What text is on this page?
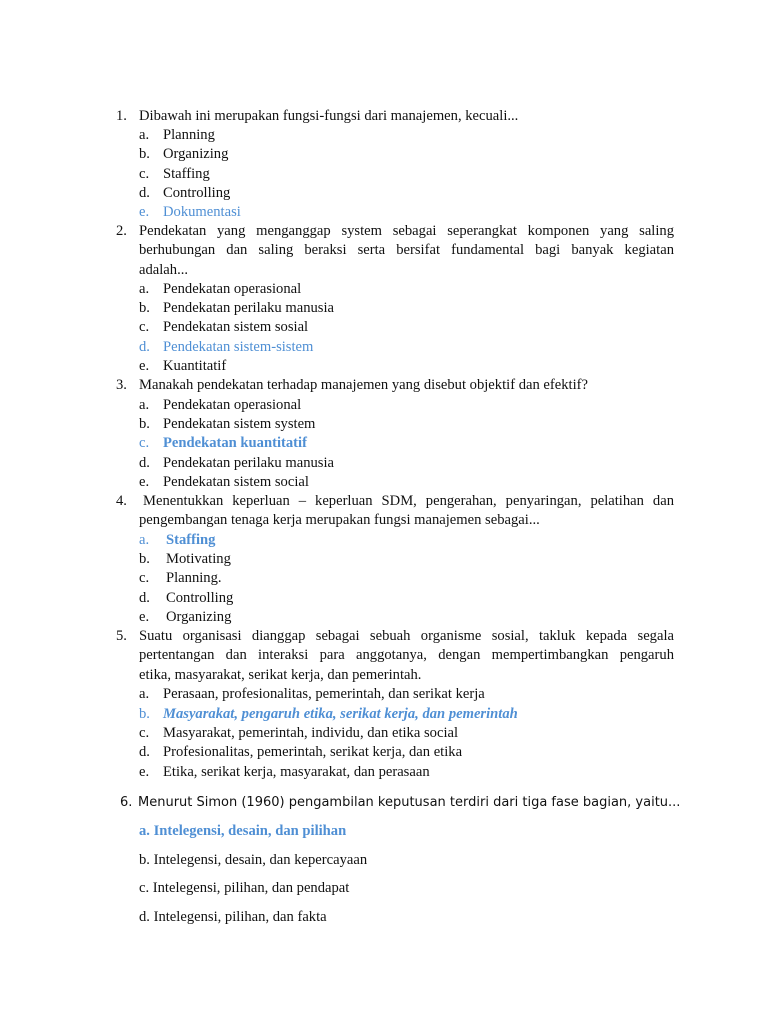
1. Dibawah ini merupakan fungsi-fungsi dari manajemen, kecuali...
a. Planning
b. Organizing
c. Staffing
d. Controlling
e. Dokumentasi
2. Pendekatan yang menganggap system sebagai seperangkat komponen yang saling
berhubungan dan saling beraksi serta bersifat fundamental bagi banyak kegiatan
adalah...
a. Pendekatan operasional
b. Pendekatan perilaku manusia
c. Pendekatan sistem sosial
d. Pendekatan sistem-sistem
e. Kuantitatif
3. Manakah pendekatan terhadap manajemen yang disebut objektif dan efektif?
a. Pendekatan operasional
b. Pendekatan sistem system
c. Pendekatan kuantitatif
d. Pendekatan perilaku manusia
e. Pendekatan sistem social
4. Menentukkan keperluan – keperluan SDM, pengerahan, penyaringan, pelatihan dan
pengembangan tenaga kerja merupakan fungsi manajemen sebagai...
a. Staffing
b. Motivating
c. Planning.
d. Controlling
e. Organizing
5. Suatu organisasi dianggap sebagai sebuah organisme sosial, takluk kepada segala
pertentangan dan interaksi para anggotanya, dengan mempertimbangkan pengaruh
etika, masyarakat, serikat kerja, dan pemerintah.
a. Perasaan, profesionalitas, pemerintah, dan serikat kerja
b. Masyarakat, pengaruh etika, serikat kerja, dan pemerintah
c. Masyarakat, pemerintah, individu, dan etika social
d. Profesionalitas, pemerintah, serikat kerja, dan etika
e. Etika, serikat kerja, masyarakat, dan perasaan
6. Menurut Simon (1960) pengambilan keputusan terdiri dari tiga fase bagian, yaitu...
a. Intelegensi, desain, dan pilihan
b. Intelegensi, desain, dan kepercayaan
c. Intelegensi, pilihan, dan pendapat
d. Intelegensi, pilihan, dan fakta
